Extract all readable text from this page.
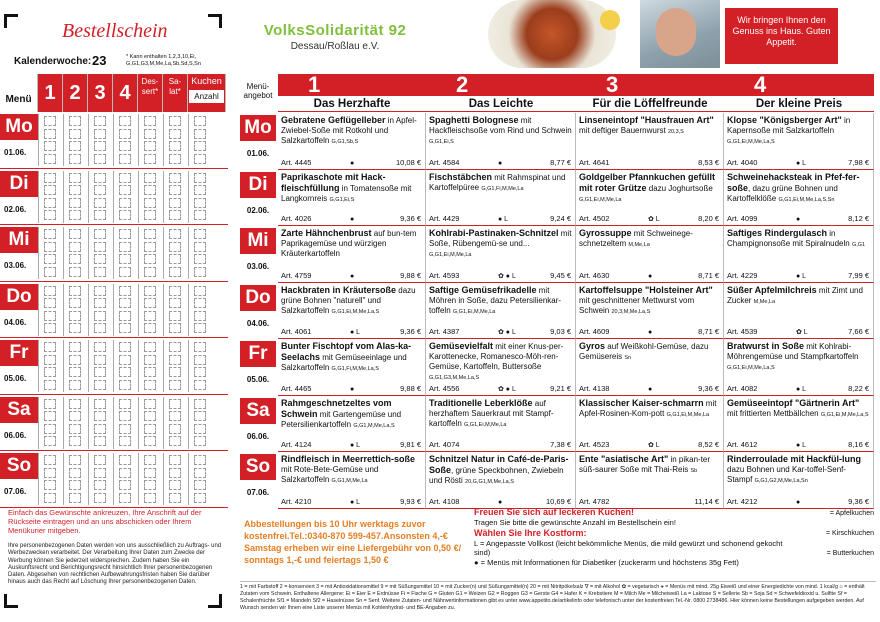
Bestellschein
Kalenderwoche: 23	* Kann enthalten 1,2,3,10,Ei, G,G1,G3,M,Me,La,Sb,Sd,S,Sn
Menü 1 2 3 4
Des- sert*
Sa- lat*
Kuchen
Anzahl
Mo
01.06.
Di
02.06.
Mi
03.06.
Do
04.06.
Fr
05.06.
Sa
06.06.
So
07.06.
Einfach das Gewünschte ankreuzen, Ihre Anschrift auf der Rückseite eintragen und an uns abschicken oder Ihrem Menükurier mitgeben.
Ihre personenbezogenen Daten werden von uns ausschließlich zu Auftrags- und Werbezwecken verarbeitet. Der Verarbeitung Ihrer Daten zum Zwecke der Werbung können Sie jederzeit widersprechen. Zudem haben Sie ein Auskunftsrecht und Berichtigungsrecht hinsichtlich Ihrer personenbezogenen Daten. Abgesehen von rechtlichen Aufbewahrungsfristen haben Sie darüber hinaus auch das Recht auf Löschung Ihrer personenbezogenen Daten.
VolksSolidarität 92
Dessau/Roßlau e.V.
Wir bringen Ihnen den Genuss ins Haus. Guten Appetit.
Menü- angebot	1
Das Herzhafte
2
Das Leichte
3
Für die Löffelfreunde
4
Der kleine Preis
Mo
01.06.
Gebratene Geflügelleber in Apfel-Zwiebel-Soße mit Rotkohl und Salzkartoffeln G,G1,Sb,S
Art. 4445	●	10,08 €
Spaghetti Bolognese mit Hackfleischsoße vom Rind und Schwein G,G1,Ei,S
Art. 4584	●	8,77 €
Linseneintopf "Hausfrauen Art" mit deftiger Bauernwurst 20,3,S
Art. 4641	8,53 €
Klopse "Königsberger Art" in Kapernsoße mit Salzkartoffeln G,G1,Ei,M,Me,La,S
Art. 4040	● L	7,98 €
Di
02.06.
Paprikaschote mit Hack-fleischfüllung in Tomatensoße mit Langkornreis G,G1,Ei,S
Art. 4026	●	9,36 €
Fischstäbchen mit Rahmspinat und Kartoffelpüree G,G1,Fi,M,Me,La
Art. 4429	● L	9,24 €
Goldgelber Pfannkuchen gefüllt mit roter Grütze dazu Joghurtsoße G,G1,Ei,M,Me,La
Art. 4502	✿ L	8,20 €
Schweinehacksteak in Pfef-fer-soße, dazu grüne Bohnen und Kartoffelklöße G,G1,Ei,M,Me,La,S,Sn
Art. 4099	●	8,12 €
Mi
03.06.
Zarte Hähnchenbrust auf bun-tem Paprikagemüse und würzigen Kräuterkartoffeln
Art. 4759	●	9,88 €
Kohlrabi-Pastinaken-Schnitzel mit Soße, Rübengemü-se und... G,G1,Ei,M,Me,La
Art. 4593	✿ ● L	9,45 €
Gyrossuppe mit Schweinege-schnetzeltem M,Me,La
Art. 4630	●	8,71 €
Saftiges Rindergulasch in Champignonsoße mit Spiralnudeln G,G1
Art. 4229	● L	7,99 €
Do
04.06.
Hackbraten in Kräutersoße dazu grüne Bohnen "naturell" und Salzkartoffeln G,G1,Ei,M,Me,La,S
Art. 4061	● L	9,36 €
Saftige Gemüsefrikadelle mit Möhren in Soße, dazu Petersilienkar-toffeln G,G1,Ei,M,Me,La
Art. 4387	✿ ● L	9,03 €
Kartoffelsuppe "Holsteiner Art" mit geschnittener Mettwurst vom Schwein 20,3,M,Me,La,S
Art. 4609	●	8,71 €
Süßer Apfelmilchreis mit Zimt und Zucker M,Me,La
Art. 4539	✿ L	7,66 €
Fr
05.06.
Bunter Fischtopf vom Alas-ka-Seelachs mit Gemüseeinlage und Salzkartoffeln G,G1,Fi,M,Me,La,S
Art. 4465	●	9,88 €
Gemüsevielfalt mit einer Knus-per-Karottenecke, Romanesco-Möh-ren-Gemüse, Kartoffeln, Buttersoße G,G1,G3,M,Me,La,S
Art. 4556	✿ ● L	9,21 €
Gyros auf Weißkohl-Gemüse, dazu Gemüsereis Sn
Art. 4138	●	9,36 €
Bratwurst in Soße mit Kohlrabi-Möhrengemüse und Stampfkartoffeln G,G1,Ei,M,Me,La,S
Art. 4082	● L	8,22 €
Sa
06.06.
Rahmgeschnetzeltes vom Schwein mit Gartengemüse und Petersilienkartoffeln G,G1,M,Me,La,S
Art. 4124	● L	9,81 €
Traditionelle Leberklöße auf herzhaftem Sauerkraut mit Stampf-kartoffeln G,G1,Ei,M,Me,La
Art. 4074	7,38 €
Klassischer Kaiser-schmarrn mit Apfel-Rosinen-Kom-pott G,G1,Ei,M,Me,La
Art. 4523	✿ L	8,52 €
Gemüseeintopf "Gärtnerin Art" mit frittierten Mettbällchen G,G1,Ei,M,Me,La,S
Art. 4612	● L	8,16 €
So
07.06.
Rindfleisch in Meerrettich-soße mit Rote-Bete-Gemüse und Salzkartoffeln G,G1,M,Me,La
Art. 4210	● L	9,93 €
Schnitzel Natur in Café-de-Paris-Soße, grüne Speckbohnen, Zwiebeln und Rösti 20,G,G1,M,Me,La,S
Art. 4108	●	10,69 €
Ente "asiatische Art" in pikan-ter süß-saurer Soße mit Thai-Reis Sb
Art. 4782	11,14 €
Rinderroulade mit Hackfül-lung dazu Bohnen und Kar-toffel-Senf-Stampf G,G1,G2,M,Me,La,Sn
Art. 4212	●	9,36 €
Abbestellungen bis 10 Uhr werktags zuvor kostenfrei.Tel.:0340-870 599-457.Ansonsten 4,-€ Samstag erheben wir eine Liefergebühr von 0,50 €/ sonntags 1,-€ und feiertags 1,50 €
Freuen Sie sich auf leckeren Kuchen!
Tragen Sie bitte die gewünschte Anzahl im Bestellschein ein!
Wählen Sie Ihre Kostform:
L = Angepasste Vollkost (leicht bekömmliche Menüs, die mild gewürzt und schonend gekocht sind)
● = Menüs mit Informationen für Diabetiker (zuckerarm und höchstens 35g Fett)
= Apfelkuchen
= Kirschkuchen
= Butterkuchen
1 = mit Farbstoff 2 = konserviert 3 = mit Antioxidationsmittel 9 = mit Süßungsmittel 10 = mit Zucker(n) und Süßungsmittel(n) 20 = mit Nitritpökelsalz ∇ = mit Alkohol ✿ = vegetarisch ⚹ = Menüs mit mind. 25g Eiweiß und einer Energiedichte von mind. 1 kcal/g ⌂ = enthält Zutaten vom Schwein. Enthaltene Allergene: Ei = Eier E = Erdnüsse Fi = Fische G = Gluten G1 = Weizen G2 = Roggen G3 = Gerste G4 = Hafer K = Krebstiere M = Milch Me = Milcheiweiß La = Laktose S = Sellerie Sb = Soja Sd = Schwefeldioxid u. Sulfite Sf = Schalenfrüchte Sf1 = Mandeln Sf2 = Haselnüsse Sn = Senf. Weitere Zutaten- und Nährwertinformationen gibt es unter www.appetito.de/artikelinfo oder telefonisch unter der kostenfreien Tel.-Nr. 0800 2738486. Hier können keine Bestellungen aufgegeben werden. Auf Wunsch senden wir Ihnen eine Liste unserer Menüs mit Kohlenhydrat- und BE-Angaben zu.
